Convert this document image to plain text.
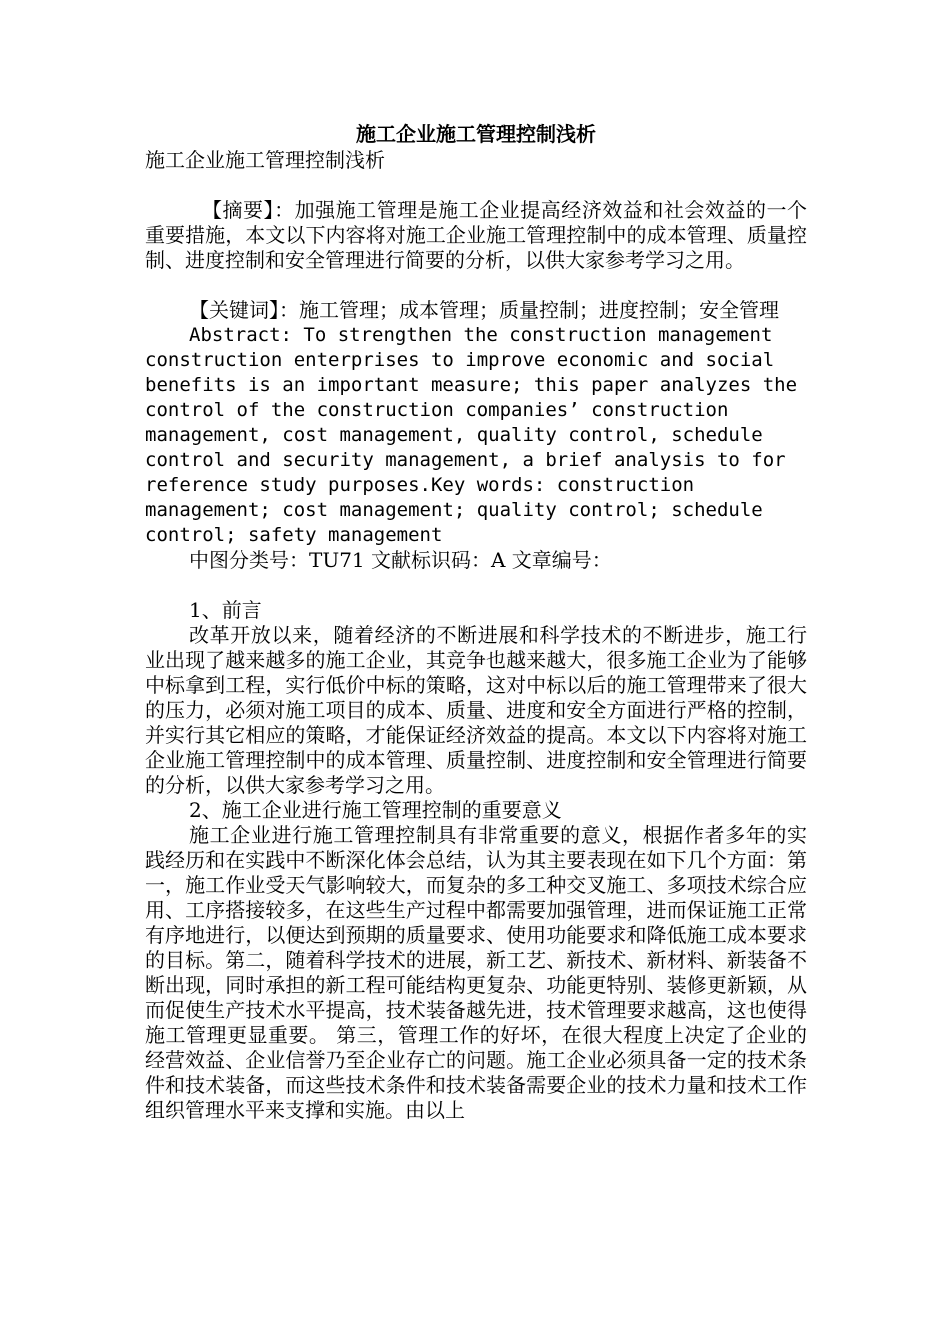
施工企业施工管理控制浅析

施工企业施工管理控制浅析

【摘要】：加强施工管理是施工企业提高经济效益和社会效益的一个重要措施，本文以下内容将对施工企业施工管理控制中的成本管理、质量控制、进度控制和安全管理进行简要的分析，以供大家参考学习之用。

【关键词】：施工管理；成本管理；质量控制；进度控制；安全管理

Abstract: To strengthen the construction management construction enterprises to improve economic and social benefits is an important measure; this paper analyzes the control of the construction companies’ construction management, cost management, quality control, schedule control and security management, a brief analysis to for reference study purposes.Key words: construction management; cost management; quality control; schedule control; safety management

中图分类号：TU71 文献标识码：A 文章编号：

1、前言

改革开放以来，随着经济的不断进展和科学技术的不断进步，施工行业出现了越来越多的施工企业，其竞争也越来越大，很多施工企业为了能够中标拿到工程，实行低价中标的策略，这对中标以后的施工管理带来了很大的压力，必须对施工项目的成本、质量、进度和安全方面进行严格的控制，并实行其它相应的策略，才能保证经济效益的提高。本文以下内容将对施工企业施工管理控制中的成本管理、质量控制、进度控制和安全管理进行简要的分析，以供大家参考学习之用。

2、施工企业进行施工管理控制的重要意义

施工企业进行施工管理控制具有非常重要的意义，根据作者多年的实践经历和在实践中不断深化体会总结，认为其主要表现在如下几个方面：第一，施工作业受天气影响较大，而复杂的多工种交叉施工、多项技术综合应用、工序搭接较多，在这些生产过程中都需要加强管理，进而保证施工正常有序地进行，以便达到预期的质量要求、使用功能要求和降低施工成本要求的目标。第二，随着科学技术的进展，新工艺、新技术、新材料、新装备不断出现，同时承担的新工程可能结构更复杂、功能更特别、装修更新颖，从而促使生产技术水平提高，技术装备越先进，技术管理要求越高，这也使得施工管理更显重要。 第三，管理工作的好坏，在很大程度上决定了企业的经营效益、企业信誉乃至企业存亡的问题。施工企业必须具备一定的技术条件和技术装备，而这些技术条件和技术装备需要企业的技术力量和技术工作组织管理水平来支撑和实施。由以上
